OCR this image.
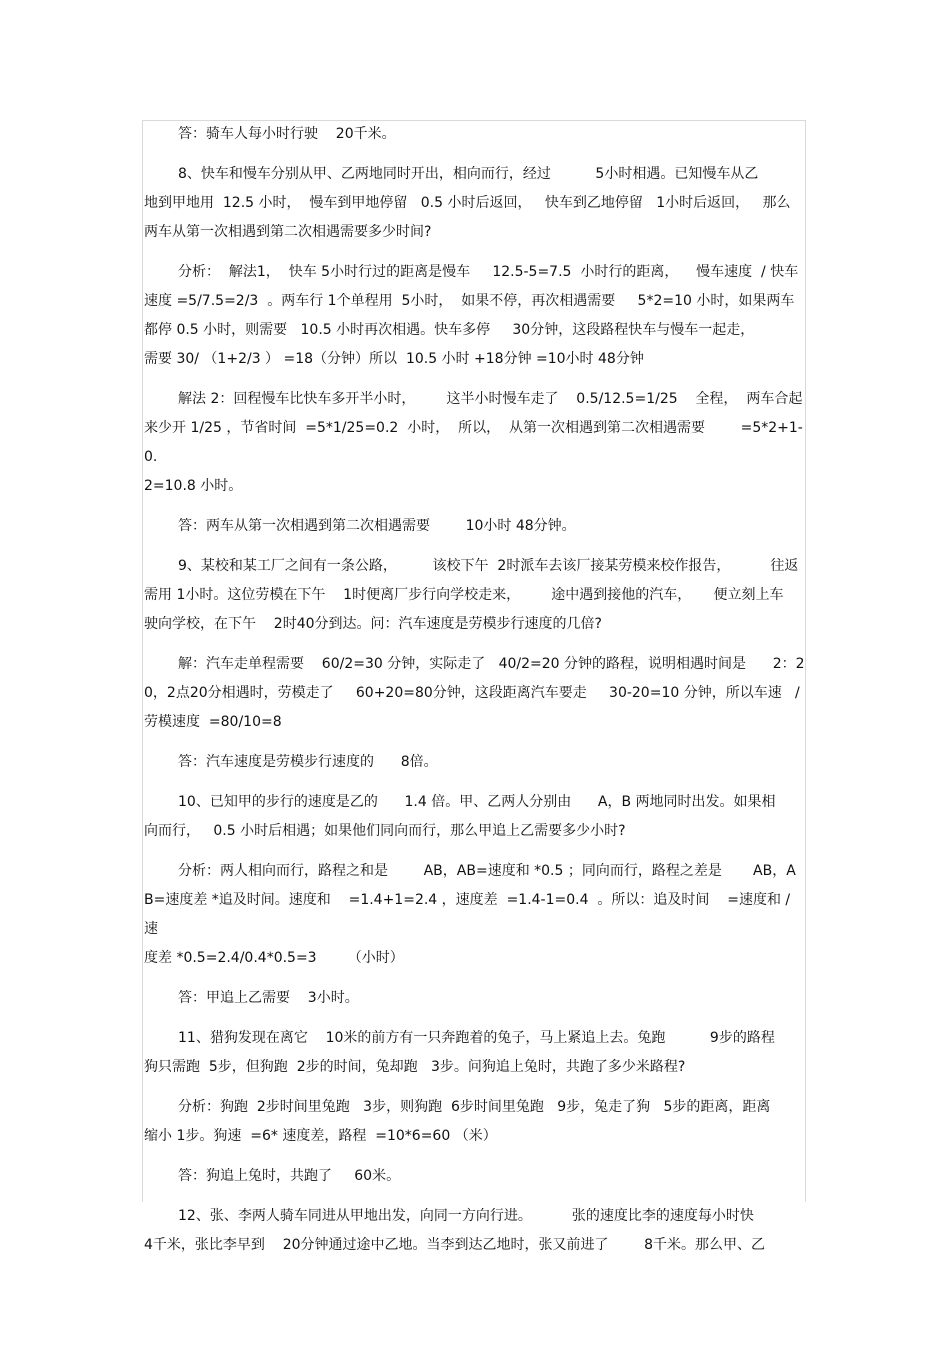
答：骑车人每小时行驶    20千米。

8、快车和慢车分别从甲、乙两地同时开出，相向而行，经过          5小时相遇。已知慢车从乙

地到甲地用  12.5 小时，  慢车到甲地停留   0.5 小时后返回，   快车到乙地停留   1小时后返回，   那么

两车从第一次相遇到第二次相遇需要多少时间?

分析：  解法1，  快车 5小时行过的距离是慢车     12.5-5=7.5  小时行的距离，    慢车速度  / 快车

速度 =5/7.5=2/3  。两车行 1个单程用  5小时，  如果不停，再次相遇需要     5*2=10 小时，如果两车

都停 0.5 小时，则需要   10.5 小时再次相遇。快车多停     30分钟，这段路程快车与慢车一起走，

需要 30/ （1+2/3 ） =18（分钟）所以  10.5 小时 +18分钟 =10小时 48分钟

解法 2：回程慢车比快车多开半小时，       这半小时慢车走了    0.5/12.5=1/25    全程，  两车合起

来少开 1/25 ，节省时间  =5*1/25=0.2  小时，  所以，  从第一次相遇到第二次相遇需要        =5*2+1-0.

2=10.8 小时。

答：两车从第一次相遇到第二次相遇需要        10小时 48分钟。

9、某校和某工厂之间有一条公路，        该校下午  2时派车去该厂接某劳模来校作报告，         往返

需用 1小时。这位劳模在下午    1时便离厂步行向学校走来，       途中遇到接他的汽车，     便立刻上车

驶向学校，在下午    2时40分到达。问：汽车速度是劳模步行速度的几倍?

解：汽车走单程需要    60/2=30 分钟，实际走了   40/2=20 分钟的路程，说明相遇时间是      2：2

0，2点20分相遇时，劳模走了     60+20=80分钟，这段距离汽车要走     30-20=10 分钟，所以车速   /

劳模速度  =80/10=8

答：汽车速度是劳模步行速度的      8倍。

10、已知甲的步行的速度是乙的      1.4 倍。甲、乙两人分别由      A，B 两地同时出发。如果相

向而行，   0.5 小时后相遇；如果他们同向而行，那么甲追上乙需要多少小时?

分析：两人相向而行，路程之和是        AB，AB=速度和 *0.5 ；同向而行，路程之差是       AB，A

B=速度差 *追及时间。速度和    =1.4+1=2.4 ，速度差  =1.4-1=0.4  。所以：追及时间    =速度和 / 速

度差 *0.5=2.4/0.4*0.5=3       （小时）

答：甲追上乙需要    3小时。

11、猎狗发现在离它    10米的前方有一只奔跑着的兔子，马上紧追上去。兔跑          9步的路程

狗只需跑  5步，但狗跑  2步的时间，兔却跑   3步。问狗追上兔时，共跑了多少米路程?

分析：狗跑  2步时间里兔跑   3步，则狗跑  6步时间里兔跑   9步，兔走了狗   5步的距离，距离

缩小 1步。狗速  =6* 速度差，路程  =10*6=60 （米）

答：狗追上兔时，共跑了     60米。

12、张、李两人骑车同进从甲地出发，向同一方向行进。         张的速度比李的速度每小时快

4千米，张比李早到    20分钟通过途中乙地。当李到达乙地时，张又前进了        8千米。那么甲、乙
